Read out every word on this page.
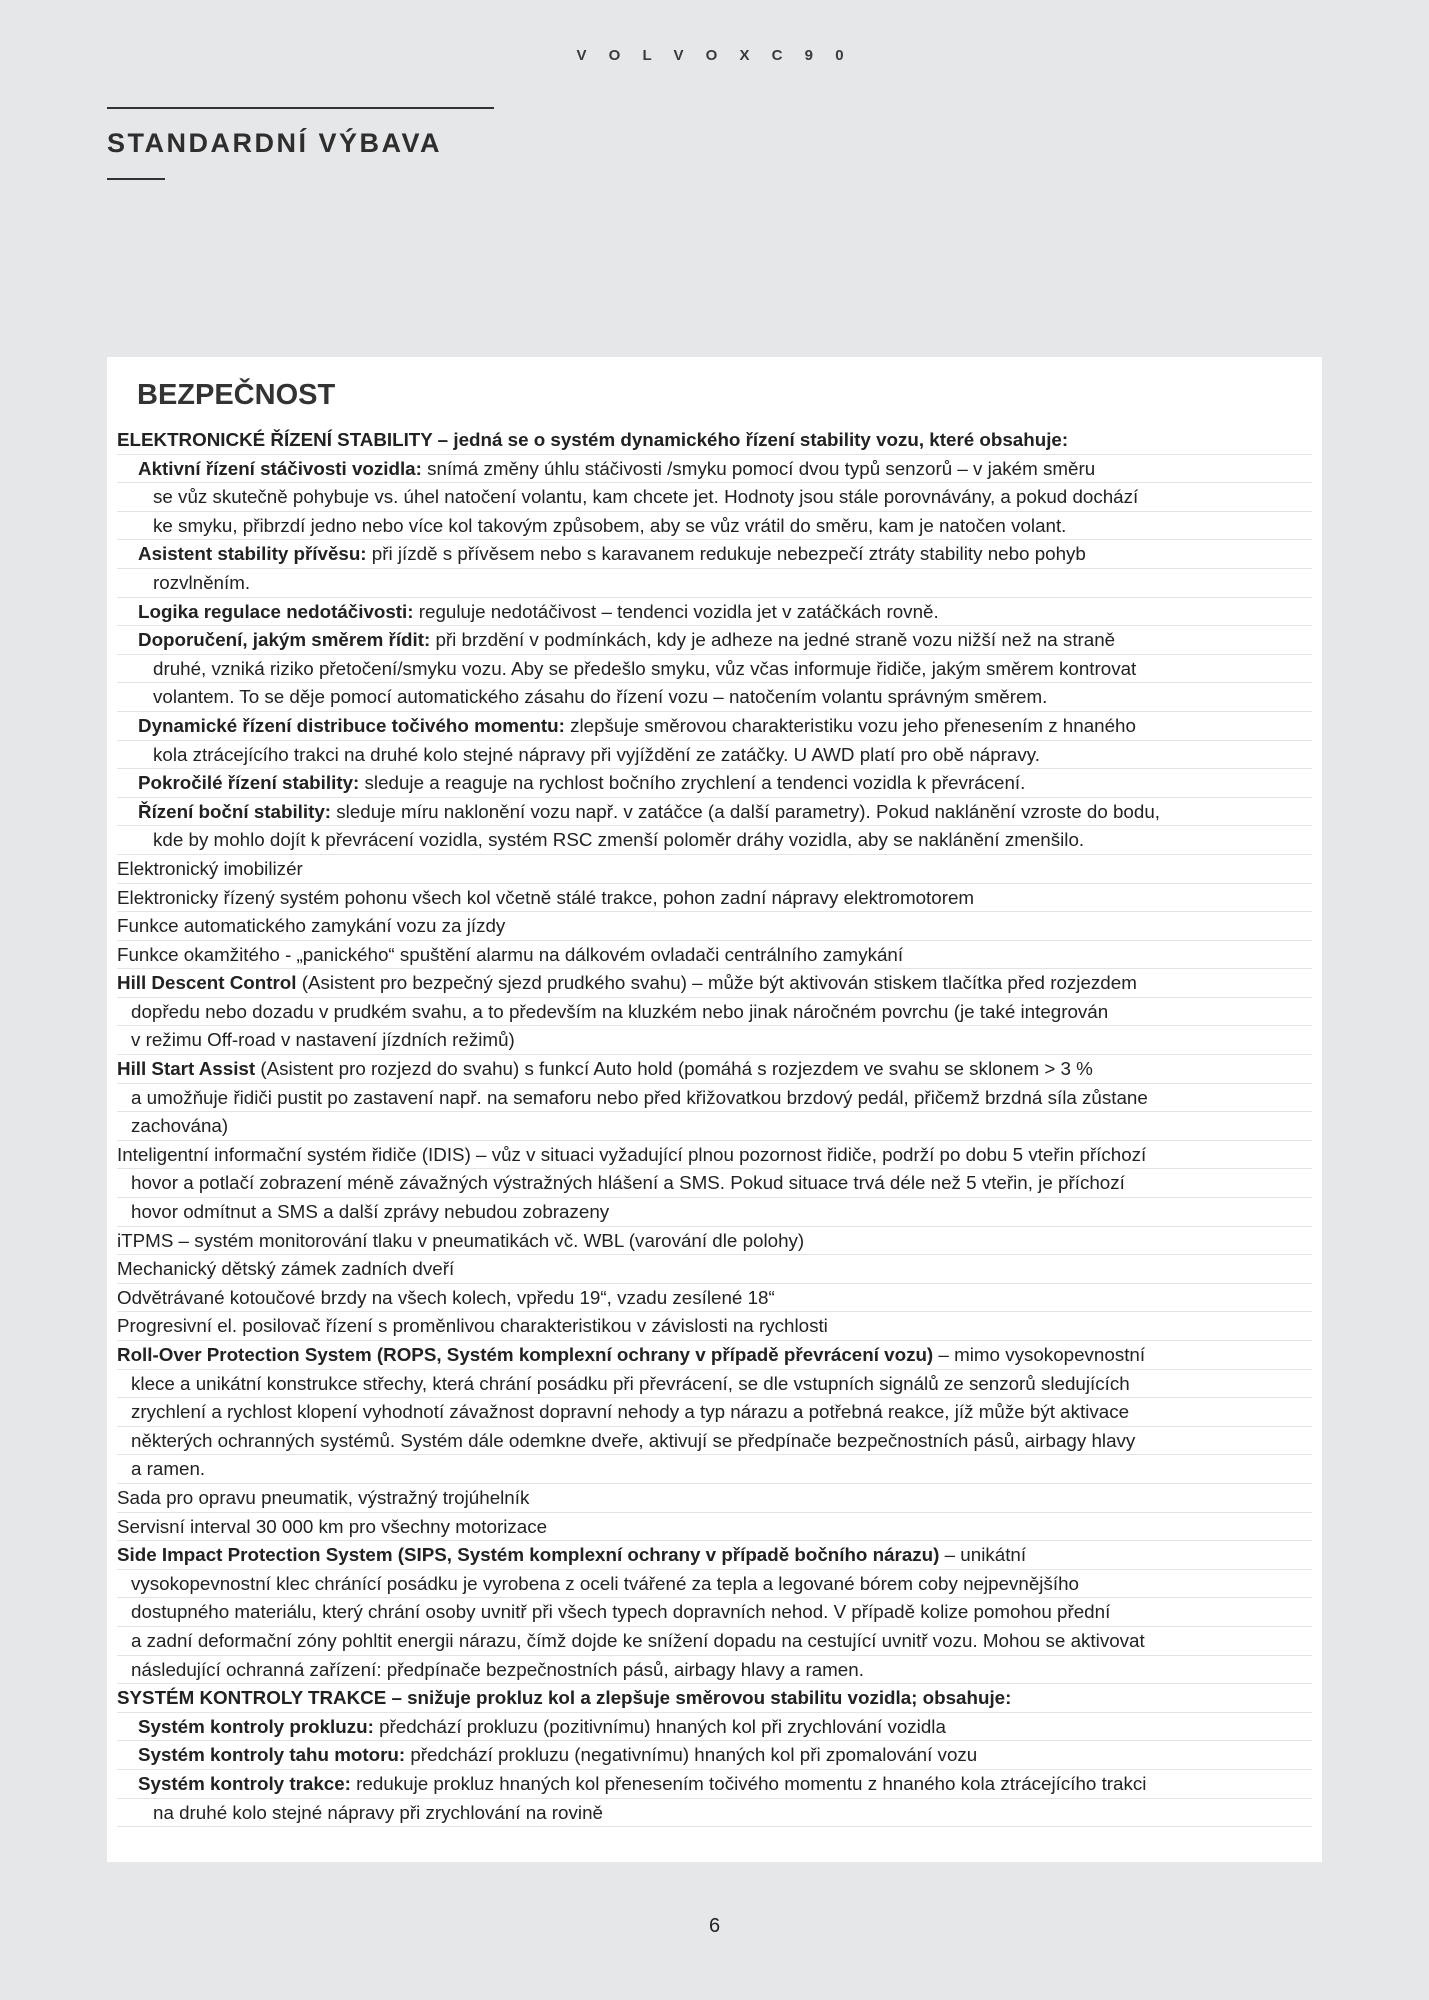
V O L V O X C 9 0
STANDARDNÍ VÝBAVA
BEZPEČNOST
ELEKTRONICKÉ ŘÍZENÍ STABILITY – jedná se o systém dynamického řízení stability vozu, které obsahuje:
Aktivní řízení stáčivosti vozidla: snímá změny úhlu stáčivosti /smyku pomocí dvou typů senzorů – v jakém směru
se vůz skutečně pohybuje vs. úhel natočení volantu, kam chcete jet. Hodnoty jsou stále porovnávány, a pokud dochází
ke smyku, přibrzdí jedno nebo více kol takovým způsobem, aby se vůz vrátil do směru, kam je natočen volant.
Asistent stability přívěsu: při jízdě s přívěsem nebo s karavanem redukuje nebezpečí ztráty stability nebo pohyb
rozvlněním.
Logika regulace nedotáčivosti: reguluje nedotáčivost – tendenci vozidla jet v zatáčkách rovně.
Doporučení, jakým směrem řídit: při brzdění v podmínkách, kdy je adheze na jedné straně vozu nižší než na straně
druhé, vzniká riziko přetočení/smyku vozu. Aby se předešlo smyku, vůz včas informuje řidiče, jakým směrem kontrovat
volantem. To se děje pomocí automatického zásahu do řízení vozu – natočením volantu správným směrem.
Dynamické řízení distribuce točivého momentu: zlepšuje směrovou charakteristiku vozu jeho přenesením z hnaného
kola ztrácejícího trakci na druhé kolo stejné nápravy při vyjíždění ze zatáčky. U AWD platí pro obě nápravy.
Pokročilé řízení stability: sleduje a reaguje na rychlost bočního zrychlení a tendenci vozidla k převrácení.
Řízení boční stability: sleduje míru naklonění vozu např. v zatáčce (a další parametry). Pokud naklánění vzroste do bodu,
kde by mohlo dojít k převrácení vozidla, systém RSC zmenší poloměr dráhy vozidla, aby se naklánění zmenšilo.
Elektronický imobilizér
Elektronicky řízený systém pohonu všech kol včetně stálé trakce, pohon zadní nápravy elektromotorem
Funkce automatického zamykání vozu za jízdy
Funkce okamžitého - „panického“ spuštění alarmu na dálkovém ovladači centrálního zamykání
Hill Descent Control (Asistent pro bezpečný sjezd prudkého svahu) – může být aktivován stiskem tlačítka před rozjezdem
dopředu nebo dozadu v prudkém svahu, a to především na kluzkém nebo jinak náročném povrchu (je také integrován
v režimu Off-road v nastavení jízdních režimů)
Hill Start Assist (Asistent pro rozjezd do svahu) s funkcí Auto hold (pomáhá s rozjezdem ve svahu se sklonem > 3 %
a umožňuje řidiči pustit po zastavení např. na semaforu nebo před křižovatkou brzdový pedál, přičemž brzdná síla zůstane
zachována)
Inteligentní informační systém řidiče (IDIS) – vůz v situaci vyžadující plnou pozornost řidiče, podrží po dobu 5 vteřin příchozí
hovor a potlačí zobrazení méně závažných výstražných hlášení a SMS. Pokud situace trvá déle než 5 vteřin, je příchozí
hovor odmítnut a SMS a další zprávy nebudou zobrazeny
iTPMS – systém monitorování tlaku v pneumatikách vč. WBL (varování dle polohy)
Mechanický dětský zámek zadních dveří
Odvětrávané kotoučové brzdy na všech kolech, vpředu 19“, vzadu zesílené 18“
Progresivní el. posilovač řízení s proměnlivou charakteristikou v závislosti na rychlosti
Roll-Over Protection System (ROPS, Systém komplexní ochrany v případě převrácení vozu) – mimo vysokopevnostní
klece a unikátní konstrukce střechy, která chrání posádku při převrácení, se dle vstupních signálů ze senzorů sledujících
zrychlení a rychlost klopení vyhodnotí závažnost dopravní nehody a typ nárazu a potřebná reakce, jíž může být aktivace
některých ochranných systémů. Systém dále odemkne dveře, aktivují se předpínače bezpečnostních pásů, airbagy hlavy
a ramen.
Sada pro opravu pneumatik, výstražný trojúhelník
Servisní interval 30 000 km pro všechny motorizace
Side Impact Protection System (SIPS, Systém komplexní ochrany v případě bočního nárazu) – unikátní
vysokopevnostní klec chránící posádku je vyrobena z oceli tvářené za tepla a legované bórem coby nejpevnějšího
dostupného materiálu, který chrání osoby uvnitř při všech typech dopravních nehod. V případě kolize pomohou přední
a zadní deformační zóny pohltit energii nárazu, čímž dojde ke snížení dopadu na cestující uvnitř vozu. Mohou se aktivovat
následující ochranná zařízení: předpínače bezpečnostních pásů, airbagy hlavy a ramen.
SYSTÉM KONTROLY TRAKCE – snižuje prokluz kol a zlepšuje směrovou stabilitu vozidla; obsahuje:
Systém kontroly prokluzu: předchází prokluzu (pozitivnímu) hnaných kol při zrychlování vozidla
Systém kontroly tahu motoru: předchází prokluzu (negativnímu) hnaných kol při zpomalování vozu
Systém kontroly trakce: redukuje prokluz hnaných kol přenesením točivého momentu z hnaného kola ztrácejícího trakci
na druhé kolo stejné nápravy při zrychlování na rovině
6
